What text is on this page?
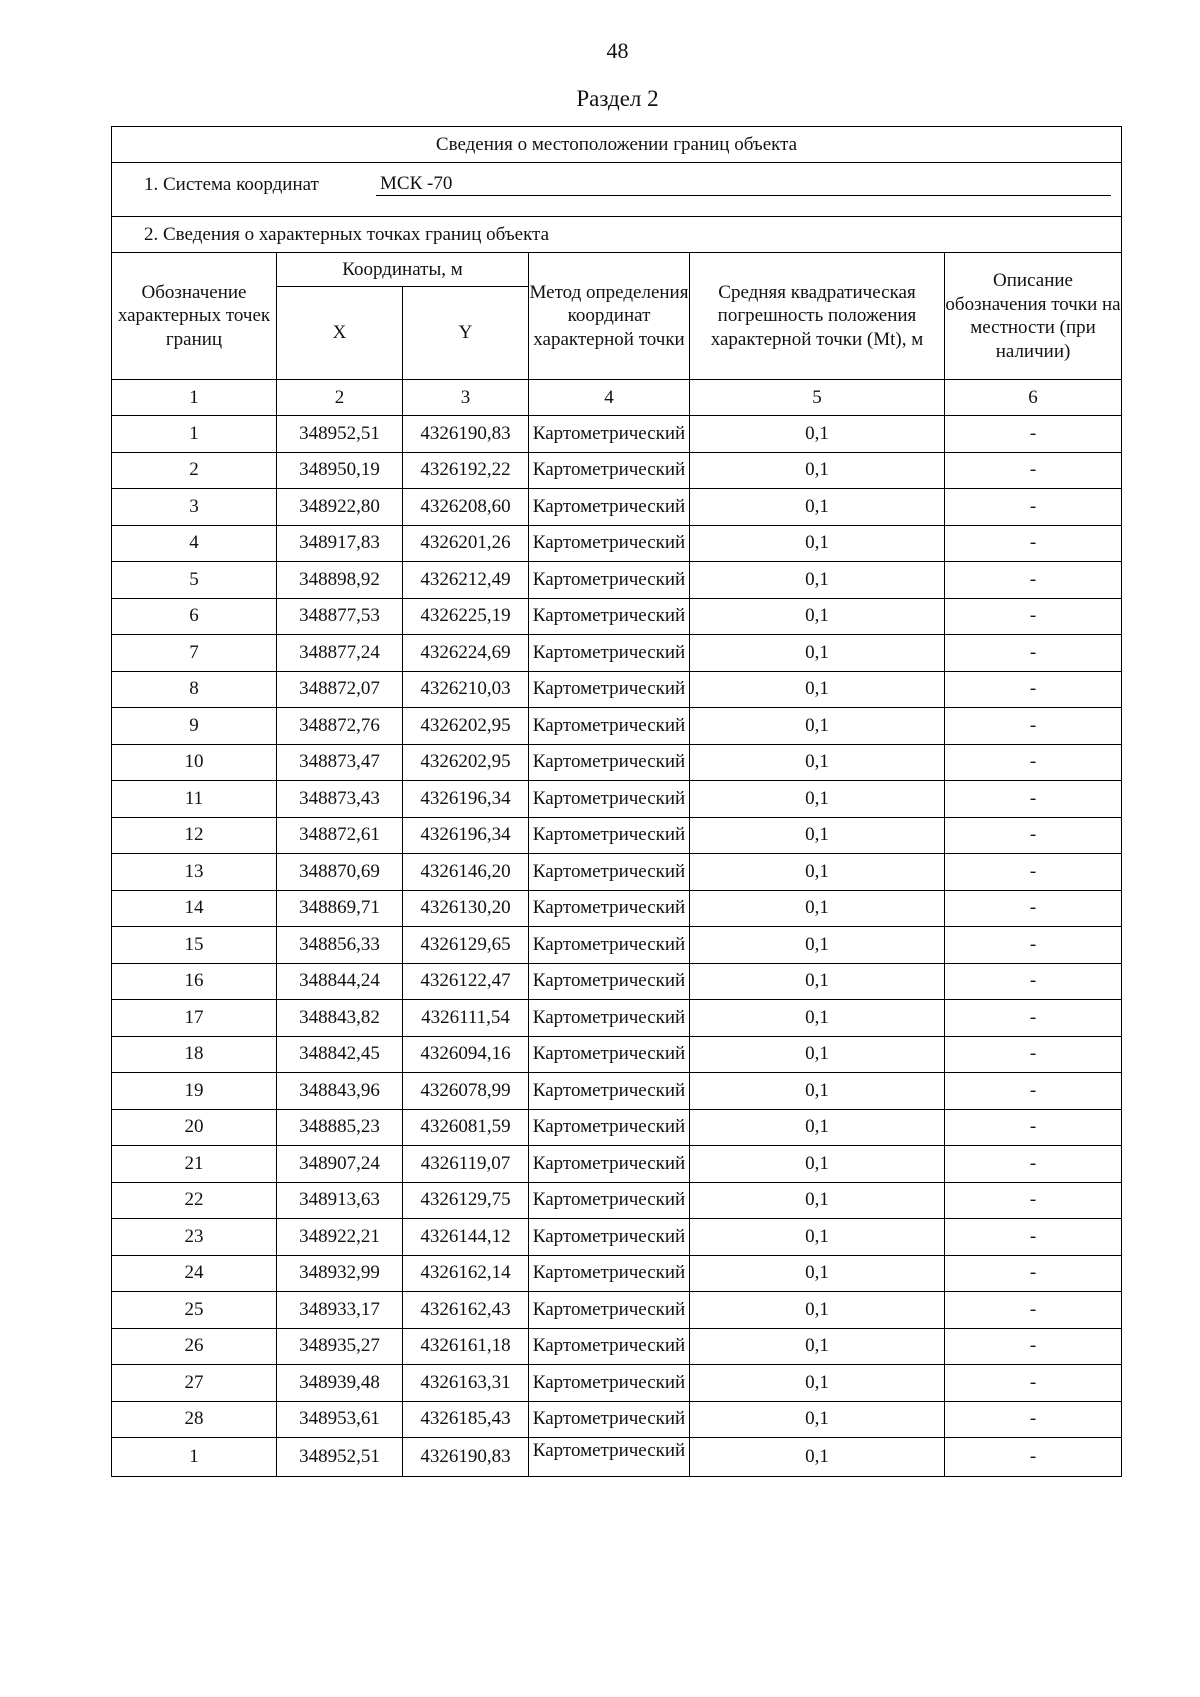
48
Раздел 2
Сведения о местоположении границ объекта					

1. Система координат МСК -70					

2. Сведения о характерных точках границ объекта					
Обозначение характерных точек границ	Координаты, м		Метод определения координат характерной точки	Средняя квадратическая погрешность положения характерной точки (Mt), м	Описание обозначения точки на местности (при наличии)
	X	Y			
1	2	3	4	5	6
1	348952,51	4326190,83	Картометрический	0,1	-
2	348950,19	4326192,22	Картометрический	0,1	-
3	348922,80	4326208,60	Картометрический	0,1	-
4	348917,83	4326201,26	Картометрический	0,1	-
5	348898,92	4326212,49	Картометрический	0,1	-
6	348877,53	4326225,19	Картометрический	0,1	-
7	348877,24	4326224,69	Картометрический	0,1	-
8	348872,07	4326210,03	Картометрический	0,1	-
9	348872,76	4326202,95	Картометрический	0,1	-
10	348873,47	4326202,95	Картометрический	0,1	-
11	348873,43	4326196,34	Картометрический	0,1	-
12	348872,61	4326196,34	Картометрический	0,1	-
13	348870,69	4326146,20	Картометрический	0,1	-
14	348869,71	4326130,20	Картометрический	0,1	-
15	348856,33	4326129,65	Картометрический	0,1	-
16	348844,24	4326122,47	Картометрический	0,1	-
17	348843,82	4326111,54	Картометрический	0,1	-
18	348842,45	4326094,16	Картометрический	0,1	-
19	348843,96	4326078,99	Картометрический	0,1	-
20	348885,23	4326081,59	Картометрический	0,1	-
21	348907,24	4326119,07	Картометрический	0,1	-
22	348913,63	4326129,75	Картометрический	0,1	-
23	348922,21	4326144,12	Картометрический	0,1	-
24	348932,99	4326162,14	Картометрический	0,1	-
25	348933,17	4326162,43	Картометрический	0,1	-
26	348935,27	4326161,18	Картометрический	0,1	-
27	348939,48	4326163,31	Картометрический	0,1	-
28	348953,61	4326185,43	Картометрический	0,1	-
1	348952,51	4326190,83	Картометрический	0,1	-
